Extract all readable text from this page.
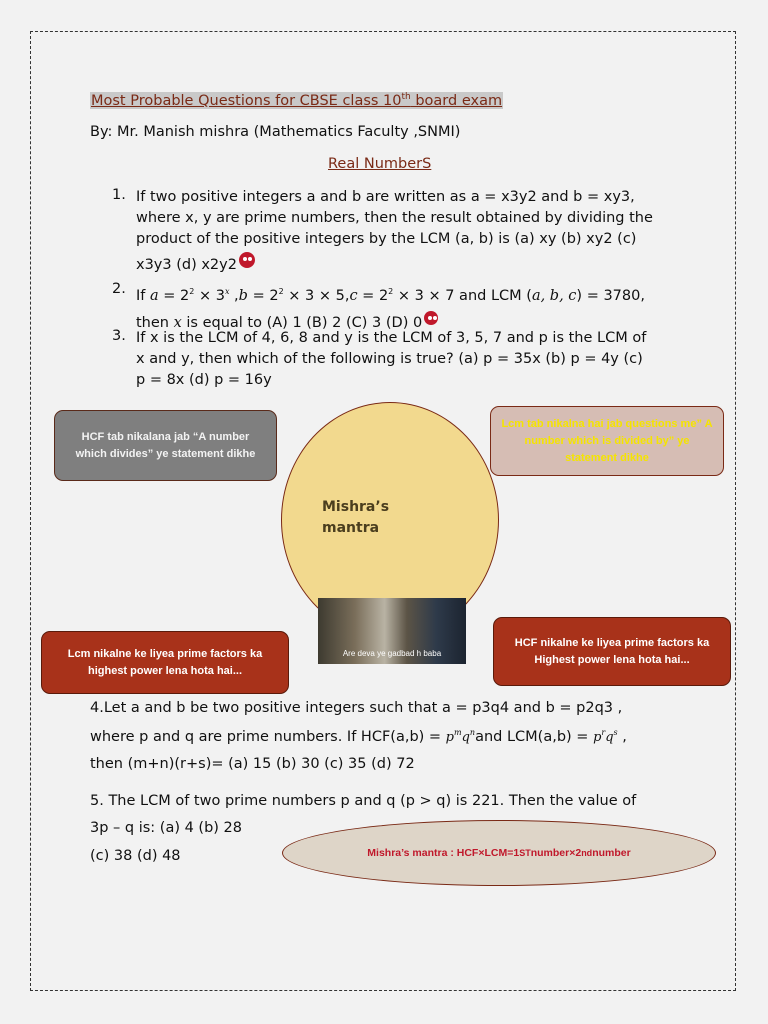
Most Probable Questions for CBSE class 10th board exam
By: Mr. Manish mishra (Mathematics Faculty ,SNMI)
Real NumberS
1. If two positive integers a and b are written as a = x3y2 and b = xy3,
where x, y are prime numbers, then the result obtained by dividing the
product of the positive integers by the LCM (a, b) is (a) xy (b) xy2 (c)
x3y3 (d) x2y2
2. If $a = 2^2 \times 3^x$ $,b = 2^2 \times 3 \times 5,c = 2^2 \times 3 \times 7$ and LCM (a, b, c) = 3780,
then x is equal to (A) 1 (B) 2 (C) 3 (D) 0
3. If x is the LCM of 4, 6, 8 and y is the LCM of 3, 5, 7 and p is the LCM of
x and y, then which of the following is true? (a) p = 35x (b) p = 4y (c)
p = 8x (d) p = 16y
HCF tab nikalana jab “A number which divides” ye statement dikhe
Lcm tab nikalna hai jab questions me” A number which is divided by” ye statement dikhe
Mishra’s
mantra
Are deva ye gadbad h baba
Lcm nikalne ke liyea prime factors ka highest power lena hota hai...
HCF nikalne ke liyea prime factors ka Highest power lena hota hai...
4.Let a and b be two positive integers such that a = p3q4 and b = p2q3 ,
where p and q are prime numbers. If $HCF(a,b) = p^mq^nand$ $LCM(a,b) = p^rq^s$ ,
then (m+n)(r+s)= (a) 15 (b) 30 (c) 35 (d) 72
5. The LCM of two prime numbers p and q (p > q) is 221. Then the value of
3p – q is: (a) 4 (b) 28
(c) 38 (d) 48	Mishra’s mantra : HCF×LCM=1 ST number×2 nd number
